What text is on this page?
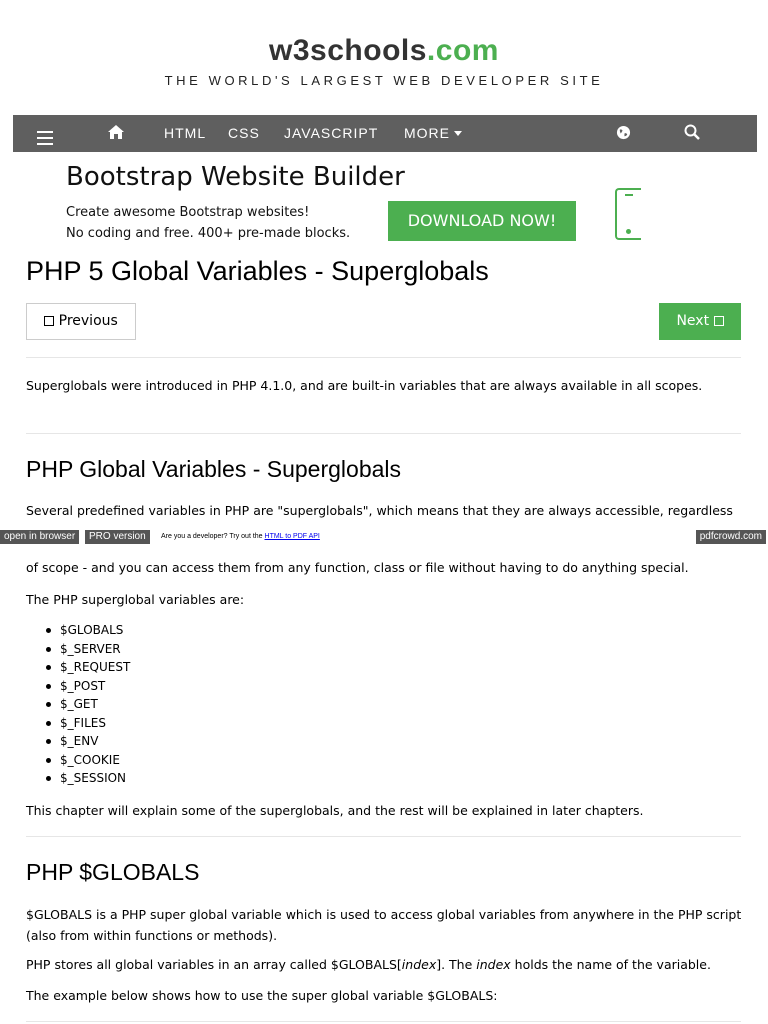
w3schools.com
THE WORLD'S LARGEST WEB DEVELOPER SITE
HTML CSS JAVASCRIPT MORE
Bootstrap Website Builder
Create awesome Bootstrap websites!
No coding and free. 400+ pre-made blocks.
DOWNLOAD NOW!
PHP 5 Global Variables - Superglobals
Previous	Next
Superglobals were introduced in PHP 4.1.0, and are built-in variables that are always available in all scopes.
PHP Global Variables - Superglobals
Several predefined variables in PHP are "superglobals", which means that they are always accessible, regardless
open in browser	PRO version	Are you a developer? Try out the HTML to PDF API	pdfcrowd.com
of scope - and you can access them from any function, class or file without having to do anything special.
The PHP superglobal variables are:
$GLOBALS
$_SERVER
$_REQUEST
$_POST
$_GET
$_FILES
$_ENV
$_COOKIE
$_SESSION
This chapter will explain some of the superglobals, and the rest will be explained in later chapters.
PHP $GLOBALS
$GLOBALS is a PHP super global variable which is used to access global variables from anywhere in the PHP script (also from within functions or methods).
PHP stores all global variables in an array called $GLOBALS[index]. The index holds the name of the variable.
The example below shows how to use the super global variable $GLOBALS:
